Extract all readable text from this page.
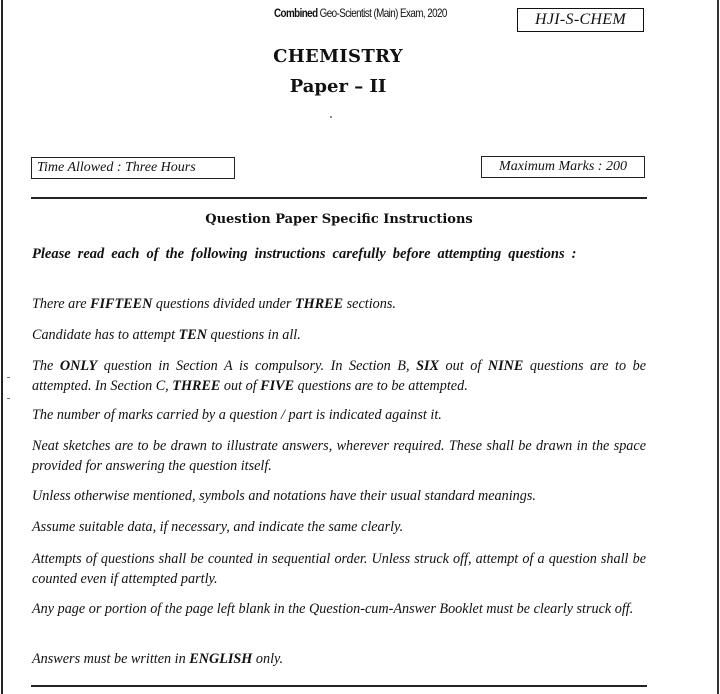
Combined Geo-Scientist (Main) Exam, 2020	HJI-S-CHEM
CHEMISTRY
Paper – II
Time Allowed : Three Hours	Maximum Marks : 200
Question Paper Specific Instructions
Please read each of the following instructions carefully before attempting questions :
There are FIFTEEN questions divided under THREE sections.
Candidate has to attempt TEN questions in all.
The ONLY question in Section A is compulsory. In Section B, SIX out of NINE questions are to be attempted. In Section C, THREE out of FIVE questions are to be attempted.
The number of marks carried by a question / part is indicated against it.
Neat sketches are to be drawn to illustrate answers, wherever required. These shall be drawn in the space provided for answering the question itself.
Unless otherwise mentioned, symbols and notations have their usual standard meanings.
Assume suitable data, if necessary, and indicate the same clearly.
Attempts of questions shall be counted in sequential order. Unless struck off, attempt of a question shall be counted even if attempted partly.
Any page or portion of the page left blank in the Question-cum-Answer Booklet must be clearly struck off.
Answers must be written in ENGLISH only.
